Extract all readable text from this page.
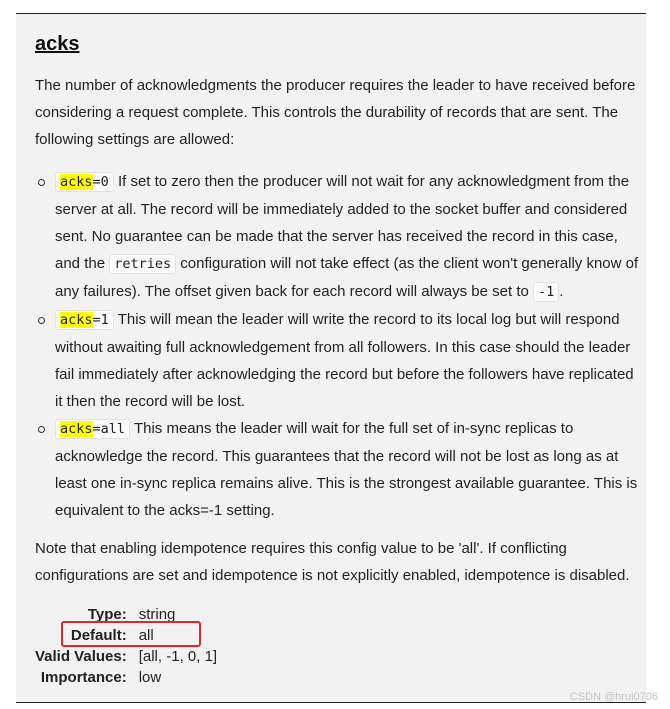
acks

The number of acknowledgments the producer requires the leader to have received before considering a request complete. This controls the durability of records that are sent. The following settings are allowed:

acks=0 If set to zero then the producer will not wait for any acknowledgment from the server at all. The record will be immediately added to the socket buffer and considered sent. No guarantee can be made that the server has received the record in this case, and the retries configuration will not take effect (as the client won't generally know of any failures). The offset given back for each record will always be set to -1 .
acks=1 This will mean the leader will write the record to its local log but will respond without awaiting full acknowledgement from all followers. In this case should the leader fail immediately after acknowledging the record but before the followers have replicated it then the record will be lost.
acks=all This means the leader will wait for the full set of in-sync replicas to acknowledge the record. This guarantees that the record will not be lost as long as at least one in-sync replica remains alive. This is the strongest available guarantee. This is equivalent to the acks=-1 setting.

Note that enabling idempotence requires this config value to be 'all'. If conflicting configurations are set and idempotence is not explicitly enabled, idempotence is disabled.

Type:	string
Default:	all
Valid Values:	[all, -1, 0, 1]
Importance:	low
CSDN @hrui0706
